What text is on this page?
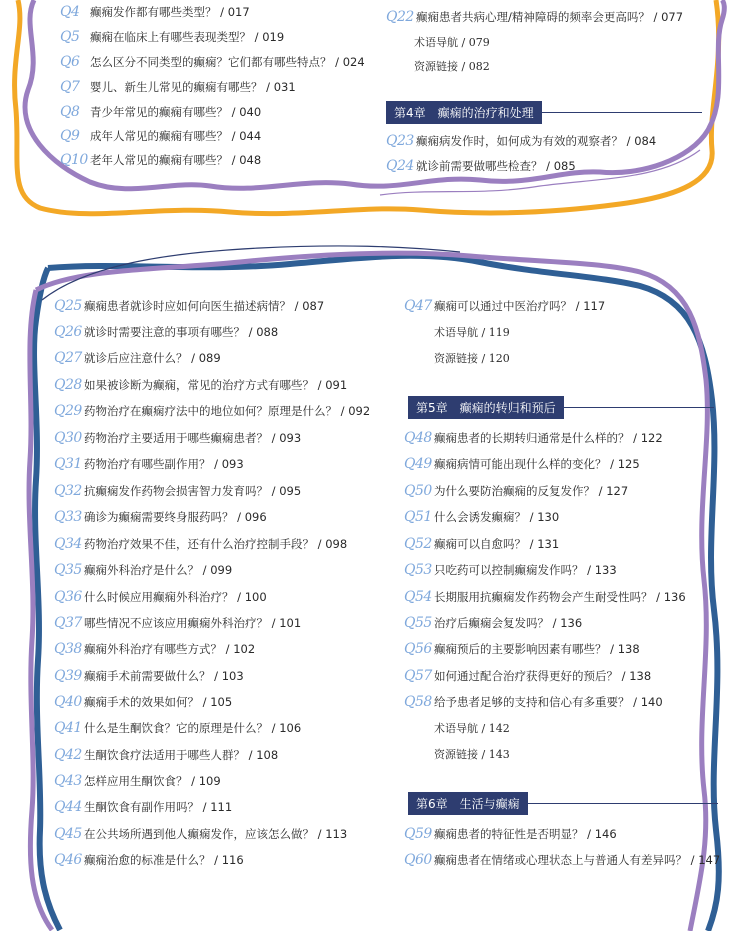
Q4 癫痫发作都有哪些类型？ / 017
Q5 癫痫在临床上有哪些表现类型？ / 019
Q6 怎么区分不同类型的癫痫？它们都有哪些特点？ / 024
Q7 婴儿、新生儿常见的癫痫有哪些？ / 031
Q8 青少年常见的癫痫有哪些？ / 040
Q9 成年人常见的癫痫有哪些？ / 044
Q10 老年人常见的癫痫有哪些？ / 048
Q22 癫痫患者共病心理/精神障碍的频率会更高吗？ / 077
术语导航 / 079
资源链接 / 082
第4章　癫痫的治疗和处理
Q23 癫痫病发作时，如何成为有效的观察者？ / 084
Q24 就诊前需要做哪些检查？ / 085
Q25 癫痫患者就诊时应如何向医生描述病情？ / 087
Q26 就诊时需要注意的事项有哪些？ / 088
Q27 就诊后应注意什么？ / 089
Q28 如果被诊断为癫痫，常见的治疗方式有哪些？ / 091
Q29 药物治疗在癫痫疗法中的地位如何？原理是什么？ / 092
Q30 药物治疗主要适用于哪些癫痫患者？ / 093
Q31 药物治疗有哪些副作用？ / 093
Q32 抗癫痫发作药物会损害智力发育吗？ / 095
Q33 确诊为癫痫需要终身服药吗？ / 096
Q34 药物治疗效果不佳，还有什么治疗控制手段？ / 098
Q35 癫痫外科治疗是什么？ / 099
Q36 什么时候应用癫痫外科治疗？ / 100
Q37 哪些情况不应该应用癫痫外科治疗？ / 101
Q38 癫痫外科治疗有哪些方式？ / 102
Q39 癫痫手术前需要做什么？ / 103
Q40 癫痫手术的效果如何？ / 105
Q41 什么是生酮饮食？它的原理是什么？ / 106
Q42 生酮饮食疗法适用于哪些人群？ / 108
Q43 怎样应用生酮饮食？ / 109
Q44 生酮饮食有副作用吗？ / 111
Q45 在公共场所遇到他人癫痫发作，应该怎么做？ / 113
Q46 癫痫治愈的标准是什么？ / 116
Q47 癫痫可以通过中医治疗吗？ / 117
术语导航 / 119
资源链接 / 120
第5章　癫痫的转归和预后
Q48 癫痫患者的长期转归通常是什么样的？ / 122
Q49 癫痫病情可能出现什么样的变化？ / 125
Q50 为什么要防治癫痫的反复发作？ / 127
Q51 什么会诱发癫痫？ / 130
Q52 癫痫可以自愈吗？ / 131
Q53 只吃药可以控制癫痫发作吗？ / 133
Q54 长期服用抗癫痫发作药物会产生耐受性吗？ / 136
Q55 治疗后癫痫会复发吗？ / 136
Q56 癫痫预后的主要影响因素有哪些？ / 138
Q57 如何通过配合治疗获得更好的预后？ / 138
Q58 给予患者足够的支持和信心有多重要？ / 140
术语导航 / 142
资源链接 / 143
第6章　生活与癫痫
Q59 癫痫患者的特征性是否明显？ / 146
Q60 癫痫患者在情绪或心理状态上与普通人有差异吗？ / 147
